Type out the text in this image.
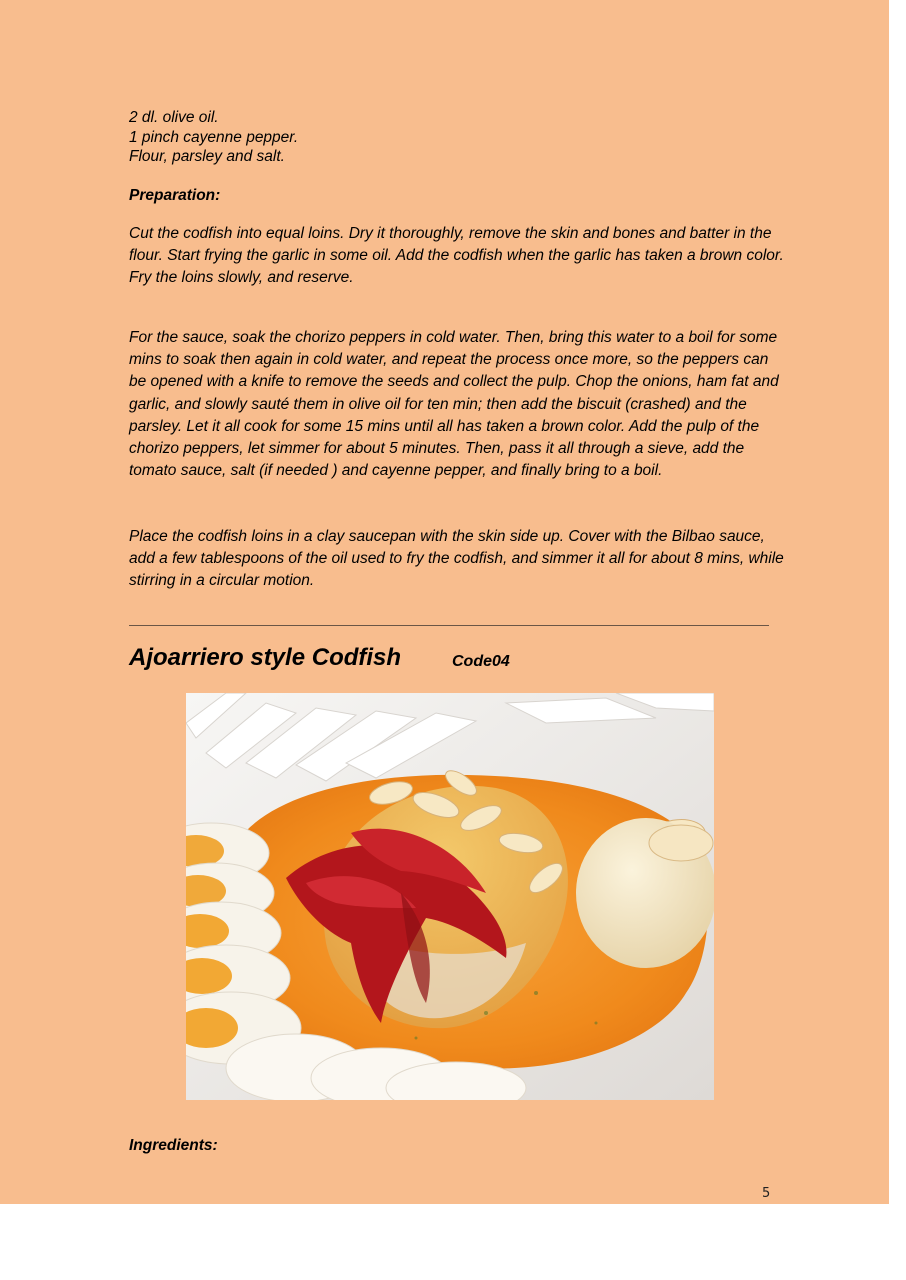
2 dl. olive oil.
1 pinch cayenne pepper.
Flour, parsley and salt.
Preparation:
Cut the codfish into equal loins. Dry it thoroughly, remove the skin and bones and batter in the flour. Start frying the garlic in some oil. Add the codfish when the garlic has taken a brown color. Fry the loins slowly, and reserve.
For the sauce, soak the chorizo peppers in cold water. Then, bring this water to a boil for some mins to soak then again in cold water, and repeat the process once more, so the peppers can be opened with a knife to remove the seeds and collect the pulp. Chop the onions, ham fat and garlic, and slowly sauté them in olive oil for ten min; then add the biscuit (crashed) and the parsley. Let it all cook for some 15 mins until all has taken a brown color. Add the pulp of the chorizo peppers, let simmer for about 5 minutes. Then, pass it all through a sieve, add the tomato sauce, salt (if needed ) and cayenne pepper, and finally bring to a boil.
Place the codfish loins in a clay saucepan with the skin side up. Cover with the Bilbao sauce, add a few tablespoons of the oil used to fry the codfish, and simmer it all for about 8 mins, while stirring in a circular motion.
Ajoarriero style Codfish	Code04
Ingredients:
5
